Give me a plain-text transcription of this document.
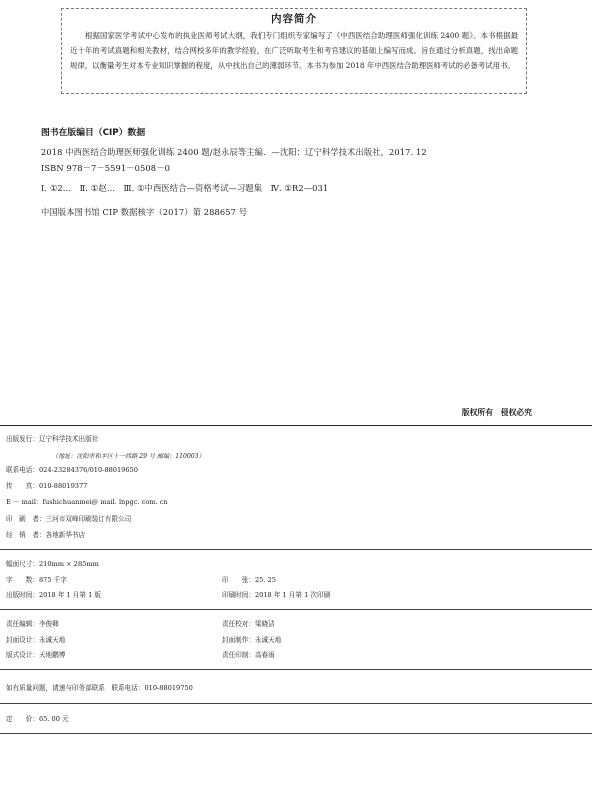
内容简介
根据国家医学考试中心发布的执业医师考试大纲，我们专门组织专家编写了《中西医结合助理医师强化训练 2400 题》。本书根据最近十年的考试真题和相关教材，结合网校多年的教学经验，在广泛听取考生和考官建议的基础上编写而成。旨在通过分析真题，找出命题规律，以衡量考生对本专业知识掌握的程度，从中找出自己的薄弱环节。本书为参加 2018 年中西医结合助理医师考试的必备考试用书。
图书在版编目（CIP）数据
2018 中西医结合助理医师强化训练 2400 题/赵永辰等主编．—沈阳：辽宁科学技术出版社，2017. 12
ISBN 978－7－5591－0508－0
Ⅰ. ①2…　Ⅱ. ①赵…　Ⅲ. ①中西医结合—资格考试—习题集　Ⅳ. ①R2—031
中国版本图书馆 CIP 数据核字（2017）第 288657 号
版权所有　侵权必究
出版发行：辽宁科学技术出版社
（地址：沈阳市和平区十一纬路 29 号 邮编：110003）
联系电话：024-23284376/010-88019650
传　　真：010-88019377
E － mail：fushichuanmei@ mail. lnpgc. com. cn
印　刷　者：三河市双峰印刷装订有限公司
经　销　者：各地新华书店
幅面尺寸：210mm × 285mm
字　　数：875 千字	印　　张：25. 25
出版时间：2018 年 1 月第 1 版	印刷时间：2018 年 1 月第 1 次印刷
责任编辑：李俊卿	责任校对：梁晓洁
封面设计：永诚天地	封面制作：永诚天地
版式设计：天地鹏博	责任印制：高春雨
如有质量问题，请速与印务部联系　联系电话：010-88019750
定　　价：65. 00 元
